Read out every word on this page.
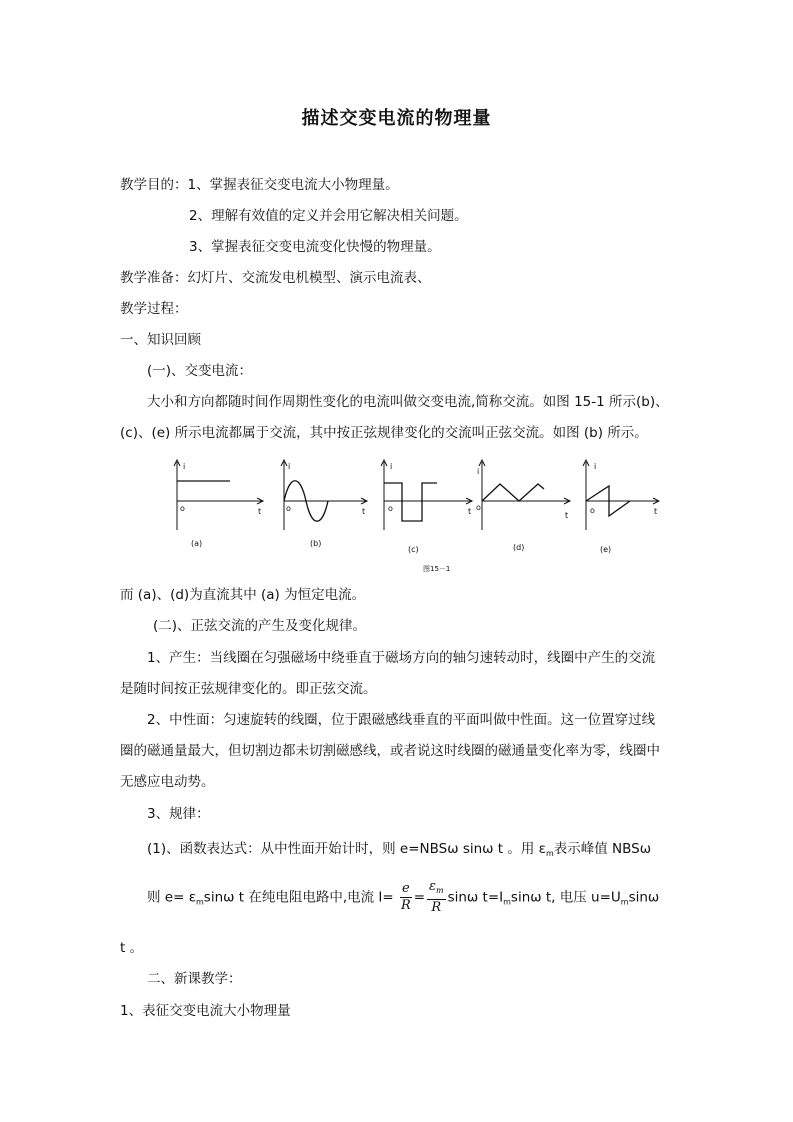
描述交变电流的物理量
教学目的：1、掌握表征交变电流大小物理量。
2、理解有效值的定义并会用它解决相关问题。
3、掌握表征交变电流变化快慢的物理量。
教学准备：幻灯片、交流发电机模型、演示电流表、
教学过程：
一、知识回顾
(一)、交变电流：
大小和方向都随时间作周期性变化的电流叫做交变电流,简称交流。如图 15-1 所示(b)、
(c)、(e) 所示电流都属于交流，其中按正弦规律变化的交流叫正弦交流。如图 (b) 所示。
i
o	t
i
o	t
i
o	t
i
o
t
i
o	t
(a)	(b)
(c)	(d)	(e)
图15－1
而 (a)、(d)为直流其中 (a) 为恒定电流。
(二)、正弦交流的产生及变化规律。
1、产生：当线圈在匀强磁场中绕垂直于磁场方向的轴匀速转动时，线圈中产生的交流
是随时间按正弦规律变化的。即正弦交流。
2、中性面：匀速旋转的线圈，位于跟磁感线垂直的平面叫做中性面。这一位置穿过线
圈的磁通量最大，但切割边都未切割磁感线，或者说这时线圈的磁通量变化率为零，线圈中
无感应电动势。
3、规律：
(1)、函数表达式：从中性面开始计时，则 e=NBSω sinω t 。用 $\varepsilon_m$表示峰值 NBSω
则 $e= \varepsilon_m\sin\omega$ t 在纯电阻电路中,电流 $I= \frac{e}{R} = \frac{\varepsilon_m}{R}$ sinω $t=I_m\sin\omega$ t, 电压 $u=U_m\sin\omega$
t 。
二、新课教学：
1、表征交变电流大小物理量
